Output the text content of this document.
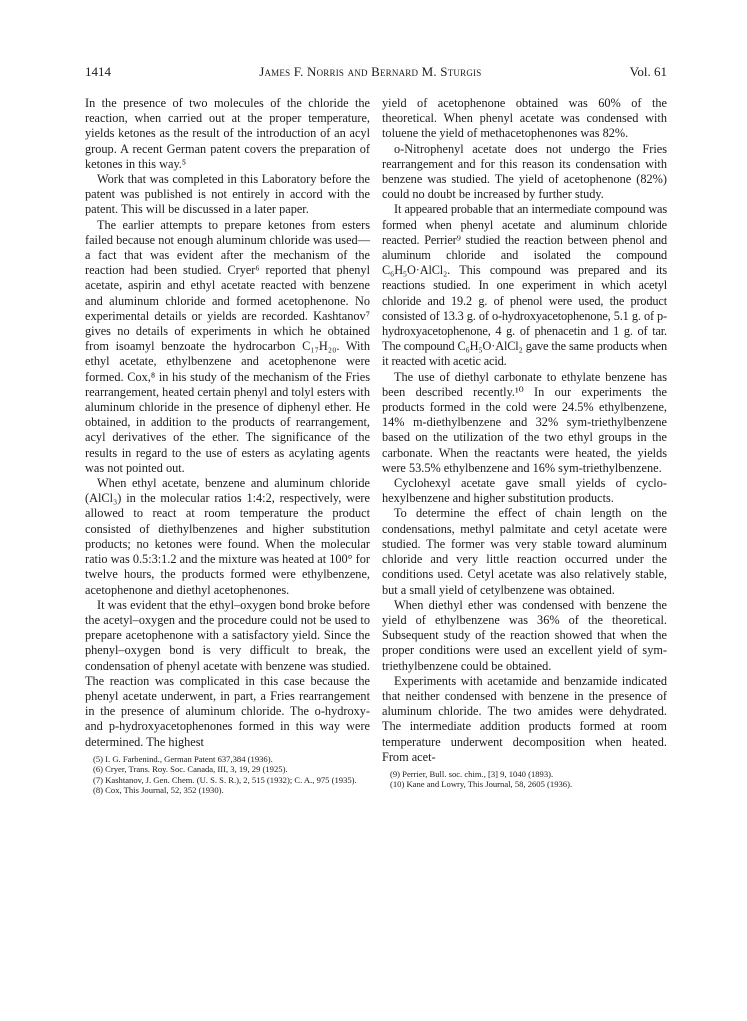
1414	James F. Norris and Bernard M. Sturgis	Vol. 61

In the presence of two molecules of the chloride the reaction, when carried out at the proper temperature, yields ketones as the result of the introduction of an acyl group. A recent German patent covers the preparation of ketones in this way.⁵

Work that was completed in this Laboratory before the patent was published is not entirely in accord with the patent. This will be discussed in a later paper.

The earlier attempts to prepare ketones from esters failed because not enough aluminum chloride was used—a fact that was evident after the mechanism of the reaction had been studied. Cryer⁶ reported that phenyl acetate, aspirin and ethyl acetate reacted with benzene and aluminum chloride and formed acetophenone. No experimental details or yields are recorded. Kashtanov⁷ gives no details of experiments in which he obtained from isoamyl benzoate the hydrocarbon C₁₇H₂₀. With ethyl acetate, ethylbenzene and acetophenone were formed. Cox,⁸ in his study of the mechanism of the Fries rearrangement, heated certain phenyl and tolyl esters with aluminum chloride in the presence of diphenyl ether. He obtained, in addition to the products of rearrangement, acyl derivatives of the ether. The significance of the results in regard to the use of esters as acylating agents was not pointed out.

When ethyl acetate, benzene and aluminum chloride (AlCl₃) in the molecular ratios 1:4:2, respectively, were allowed to react at room temperature the product consisted of diethylbenzenes and higher substitution products; no ketones were found. When the molecular ratio was 0.5:3:1.2 and the mixture was heated at 100° for twelve hours, the products formed were ethylbenzene, acetophenone and diethyl acetophenones.

It was evident that the ethyl–oxygen bond broke before the acetyl–oxygen and the procedure could not be used to prepare acetophenone with a satisfactory yield. Since the phenyl–oxygen bond is very difficult to break, the condensation of phenyl acetate with benzene was studied. The reaction was complicated in this case because the phenyl acetate underwent, in part, a Fries rearrangement in the presence of aluminum chloride. The o-hydroxy- and p-hydroxyacetophenones formed in this way were determined. The highest

(5) I. G. Farbenind., German Patent 637,384 (1936).
(6) Cryer, Trans. Roy. Soc. Canada, III, 3, 19, 29 (1925).
(7) Kashtanov, J. Gen. Chem. (U. S. S. R.), 2, 515 (1932); C. A., 975 (1935).
(8) Cox, This Journal, 52, 352 (1930).

yield of acetophenone obtained was 60% of the theoretical. When phenyl acetate was condensed with toluene the yield of methacetophenones was 82%.

o-Nitrophenyl acetate does not undergo the Fries rearrangement and for this reason its condensation with benzene was studied. The yield of acetophenone (82%) could no doubt be increased by further study.

It appeared probable that an intermediate compound was formed when phenyl acetate and aluminum chloride reacted. Perrier⁹ studied the reaction between phenol and aluminum chloride and isolated the compound C₆H₅O·AlCl₂. This compound was prepared and its reactions studied. In one experiment in which acetyl chloride and 19.2 g. of phenol were used, the product consisted of 13.3 g. of o-hydroxyacetophenone, 5.1 g. of p-hydroxyacetophenone, 4 g. of phenacetin and 1 g. of tar. The compound C₆H₅O·AlCl₂ gave the same products when it reacted with acetic acid.

The use of diethyl carbonate to ethylate benzene has been described recently.¹⁰ In our experiments the products formed in the cold were 24.5% ethylbenzene, 14% m-diethylbenzene and 32% sym-triethylbenzene based on the utilization of the two ethyl groups in the carbonate. When the reactants were heated, the yields were 53.5% ethylbenzene and 16% sym-triethylbenzene.

Cyclohexyl acetate gave small yields of cyclohexylbenzene and higher substitution products.

To determine the effect of chain length on the condensations, methyl palmitate and cetyl acetate were studied. The former was very stable toward aluminum chloride and very little reaction occurred under the conditions used. Cetyl acetate was also relatively stable, but a small yield of cetylbenzene was obtained.

When diethyl ether was condensed with benzene the yield of ethylbenzene was 36% of the theoretical. Subsequent study of the reaction showed that when the proper conditions were used an excellent yield of sym-triethylbenzene could be obtained.

Experiments with acetamide and benzamide indicated that neither condensed with benzene in the presence of aluminum chloride. The two amides were dehydrated. The intermediate addition products formed at room temperature underwent decomposition when heated. From acet-

(9) Perrier, Bull. soc. chim., [3] 9, 1040 (1893).
(10) Kane and Lowry, This Journal, 58, 2605 (1936).
